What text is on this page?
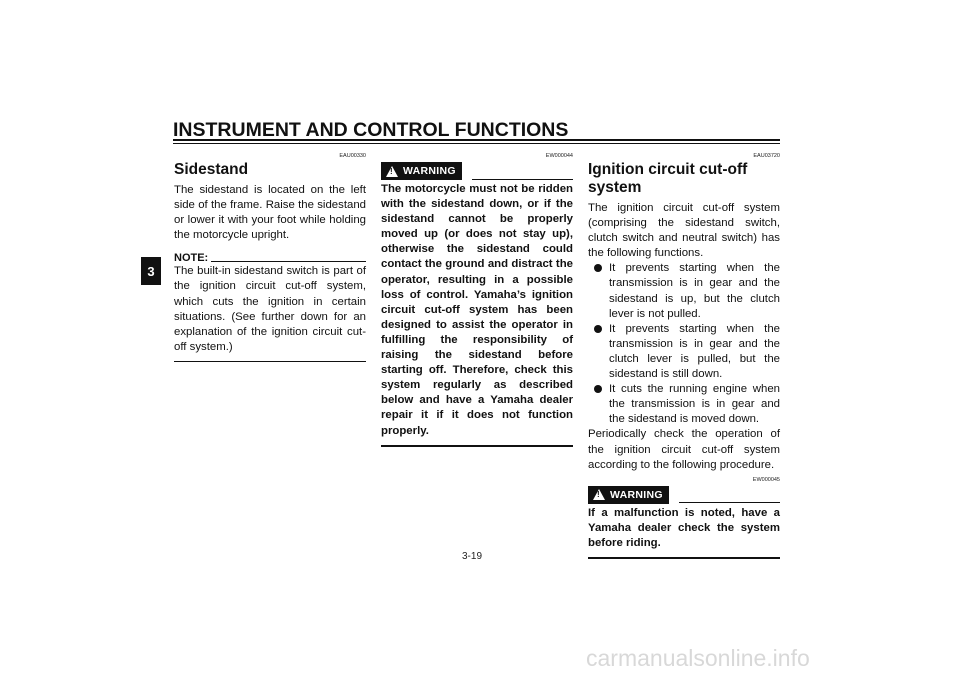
INSTRUMENT AND CONTROL FUNCTIONS
3
EAU00330
Sidestand

The sidestand is located on the left side of the frame. Raise the sidestand or lower it with your foot while holding the motorcycle upright.

NOTE:

The built-in sidestand switch is part of the ignition circuit cut-off system, which cuts the ignition in certain situations. (See further down for an explanation of the ignition circuit cut-off system.)

EW000044
! WARNING

The motorcycle must not be ridden with the sidestand down, or if the sidestand cannot be properly moved up (or does not stay up), otherwise the sidestand could contact the ground and distract the operator, resulting in a possible loss of control. Yamaha’s ignition circuit cut-off system has been designed to assist the operator in fulfilling the responsibility of raising the sidestand before starting off. Therefore, check this system regularly as described below and have a Yamaha dealer repair it if it does not function properly.

EAU03720
Ignition circuit cut-off system

The ignition circuit cut-off system (comprising the sidestand switch, clutch switch and neutral switch) has the following functions.

It prevents starting when the transmission is in gear and the sidestand is up, but the clutch lever is not pulled.
It prevents starting when the transmission is in gear and the clutch lever is pulled, but the sidestand is still down.
It cuts the running engine when the transmission is in gear and the sidestand is moved down.

Periodically check the operation of the ignition circuit cut-off system according to the following procedure.

EW000045
! WARNING

If a malfunction is noted, have a Yamaha dealer check the system before riding.

3-19
carmanualsonline.info
